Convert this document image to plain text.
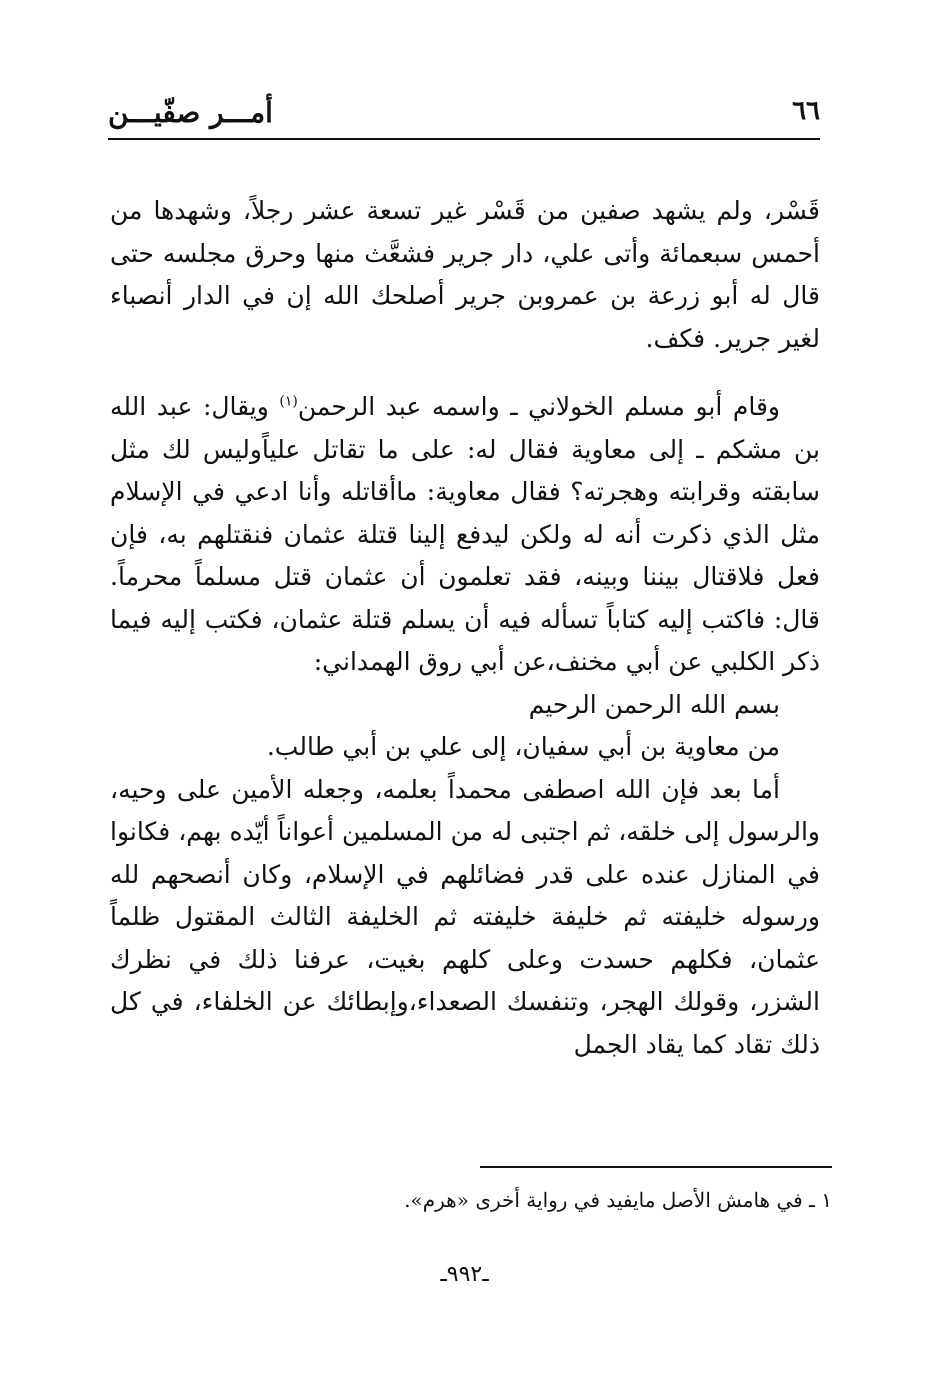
٦٦
أمـــر صفّيـــن

قَسْر، ولم يشهد صفين من قَسْر غير تسعة عشر رجلاً، وشهدها من أحمس سبعمائة وأتى علي، دار جرير فشعَّث منها وحرق مجلسه حتى قال له أبو زرعة بن عمروبن جرير أصلحك الله إن في الدار أنصباء لغير جرير. فكف.

وقام أبو مسلم الخولاني ـ واسمه عبد الرحمن$^{(١)}$ ويقال: عبد الله بن مشكم ـ إلى معاوية فقال له: على ما تقاتل علياًوليس لك مثل سابقته وقرابته وهجرته؟ فقال معاوية: ماأقاتله وأنا ادعي في الإسلام مثل الذي ذكرت أنه له ولكن ليدفع إلينا قتلة عثمان فنقتلهم به، فإن فعل فلاقتال بيننا وبينه، فقد تعلمون أن عثمان قتل مسلماً محرماً. قال: فاكتب إليه كتاباً تسأله فيه أن يسلم قتلة عثمان، فكتب إليه فيما ذكر الكلبي عن أبي مخنف،عن أبي روق الهمداني:

بسم الله الرحمن الرحيم

من معاوية بن أبي سفيان، إلى علي بن أبي طالب.

أما بعد فإن الله اصطفى محمداً بعلمه، وجعله الأمين على وحيه، والرسول إلى خلقه، ثم اجتبى له من المسلمين أعواناً أيّده بهم، فكانوا في المنازل عنده على قدر فضائلهم في الإسلام، وكان أنصحهم لله ورسوله خليفته ثم خليفة خليفته ثم الخليفة الثالث المقتول ظلماً عثمان، فكلهم حسدت وعلى كلهم بغيت، عرفنا ذلك في نظرك الشزر، وقولك الهجر، وتنفسك الصعداء،وإبطائك عن الخلفاء، في كل ذلك تقاد كما يقاد الجمل

١ ـ في هامش الأصل مايفيد في رواية أخرى «هرم».
ـ٩٩٢ـ
